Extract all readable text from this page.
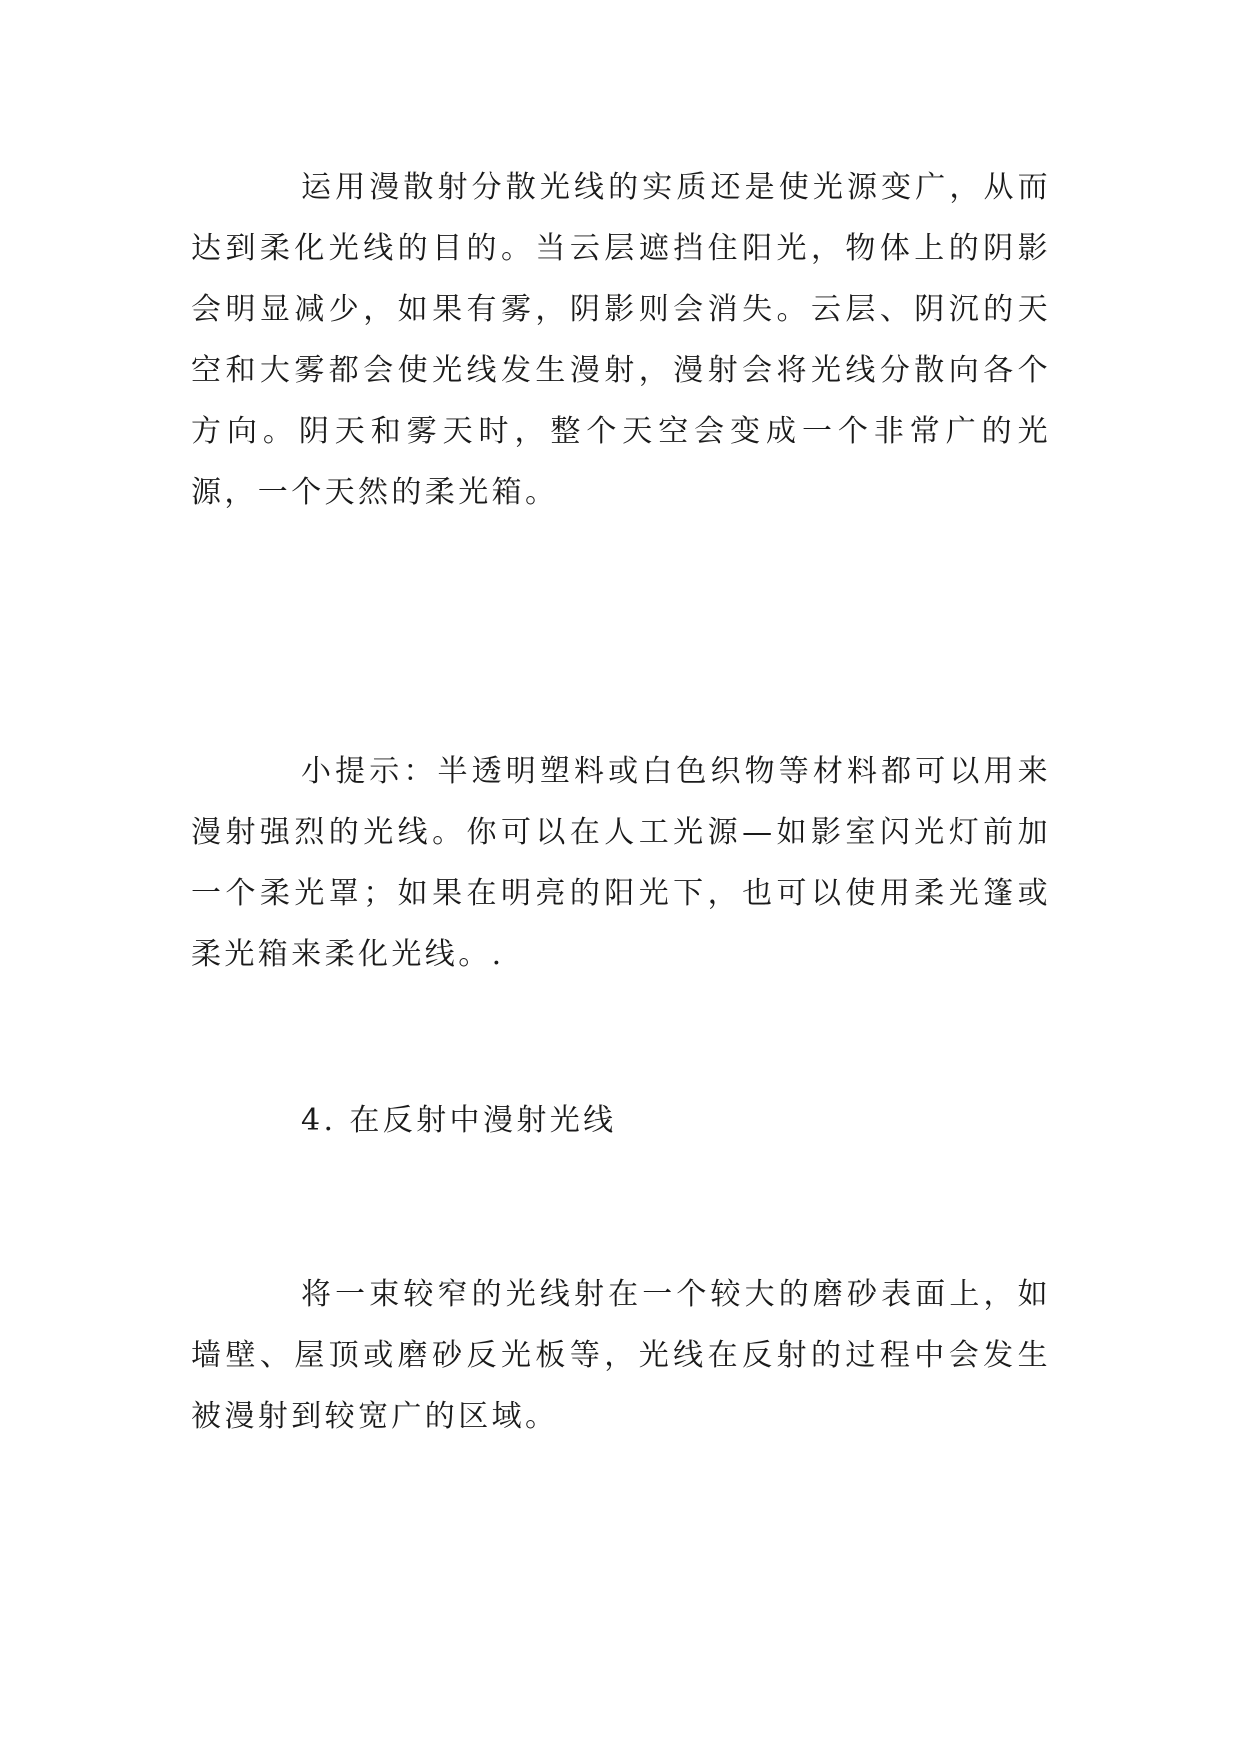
运用漫散射分散光线的实质还是使光源变广，从而达到柔化光线的目的。当云层遮挡住阳光，物体上的阴影会明显减少，如果有雾，阴影则会消失。云层、阴沉的天空和大雾都会使光线发生漫射，漫射会将光线分散向各个方向。阴天和雾天时，整个天空会变成一个非常广的光源，一个天然的柔光箱。

小提示：半透明塑料或白色织物等材料都可以用来漫射强烈的光线。你可以在人工光源—如影室闪光灯前加一个柔光罩；如果在明亮的阳光下，也可以使用柔光篷或柔光箱来柔化光线。.

4. 在反射中漫射光线

将一束较窄的光线射在一个较大的磨砂表面上，如墙壁、屋顶或磨砂反光板等，光线在反射的过程中会发生被漫射到较宽广的区域。
